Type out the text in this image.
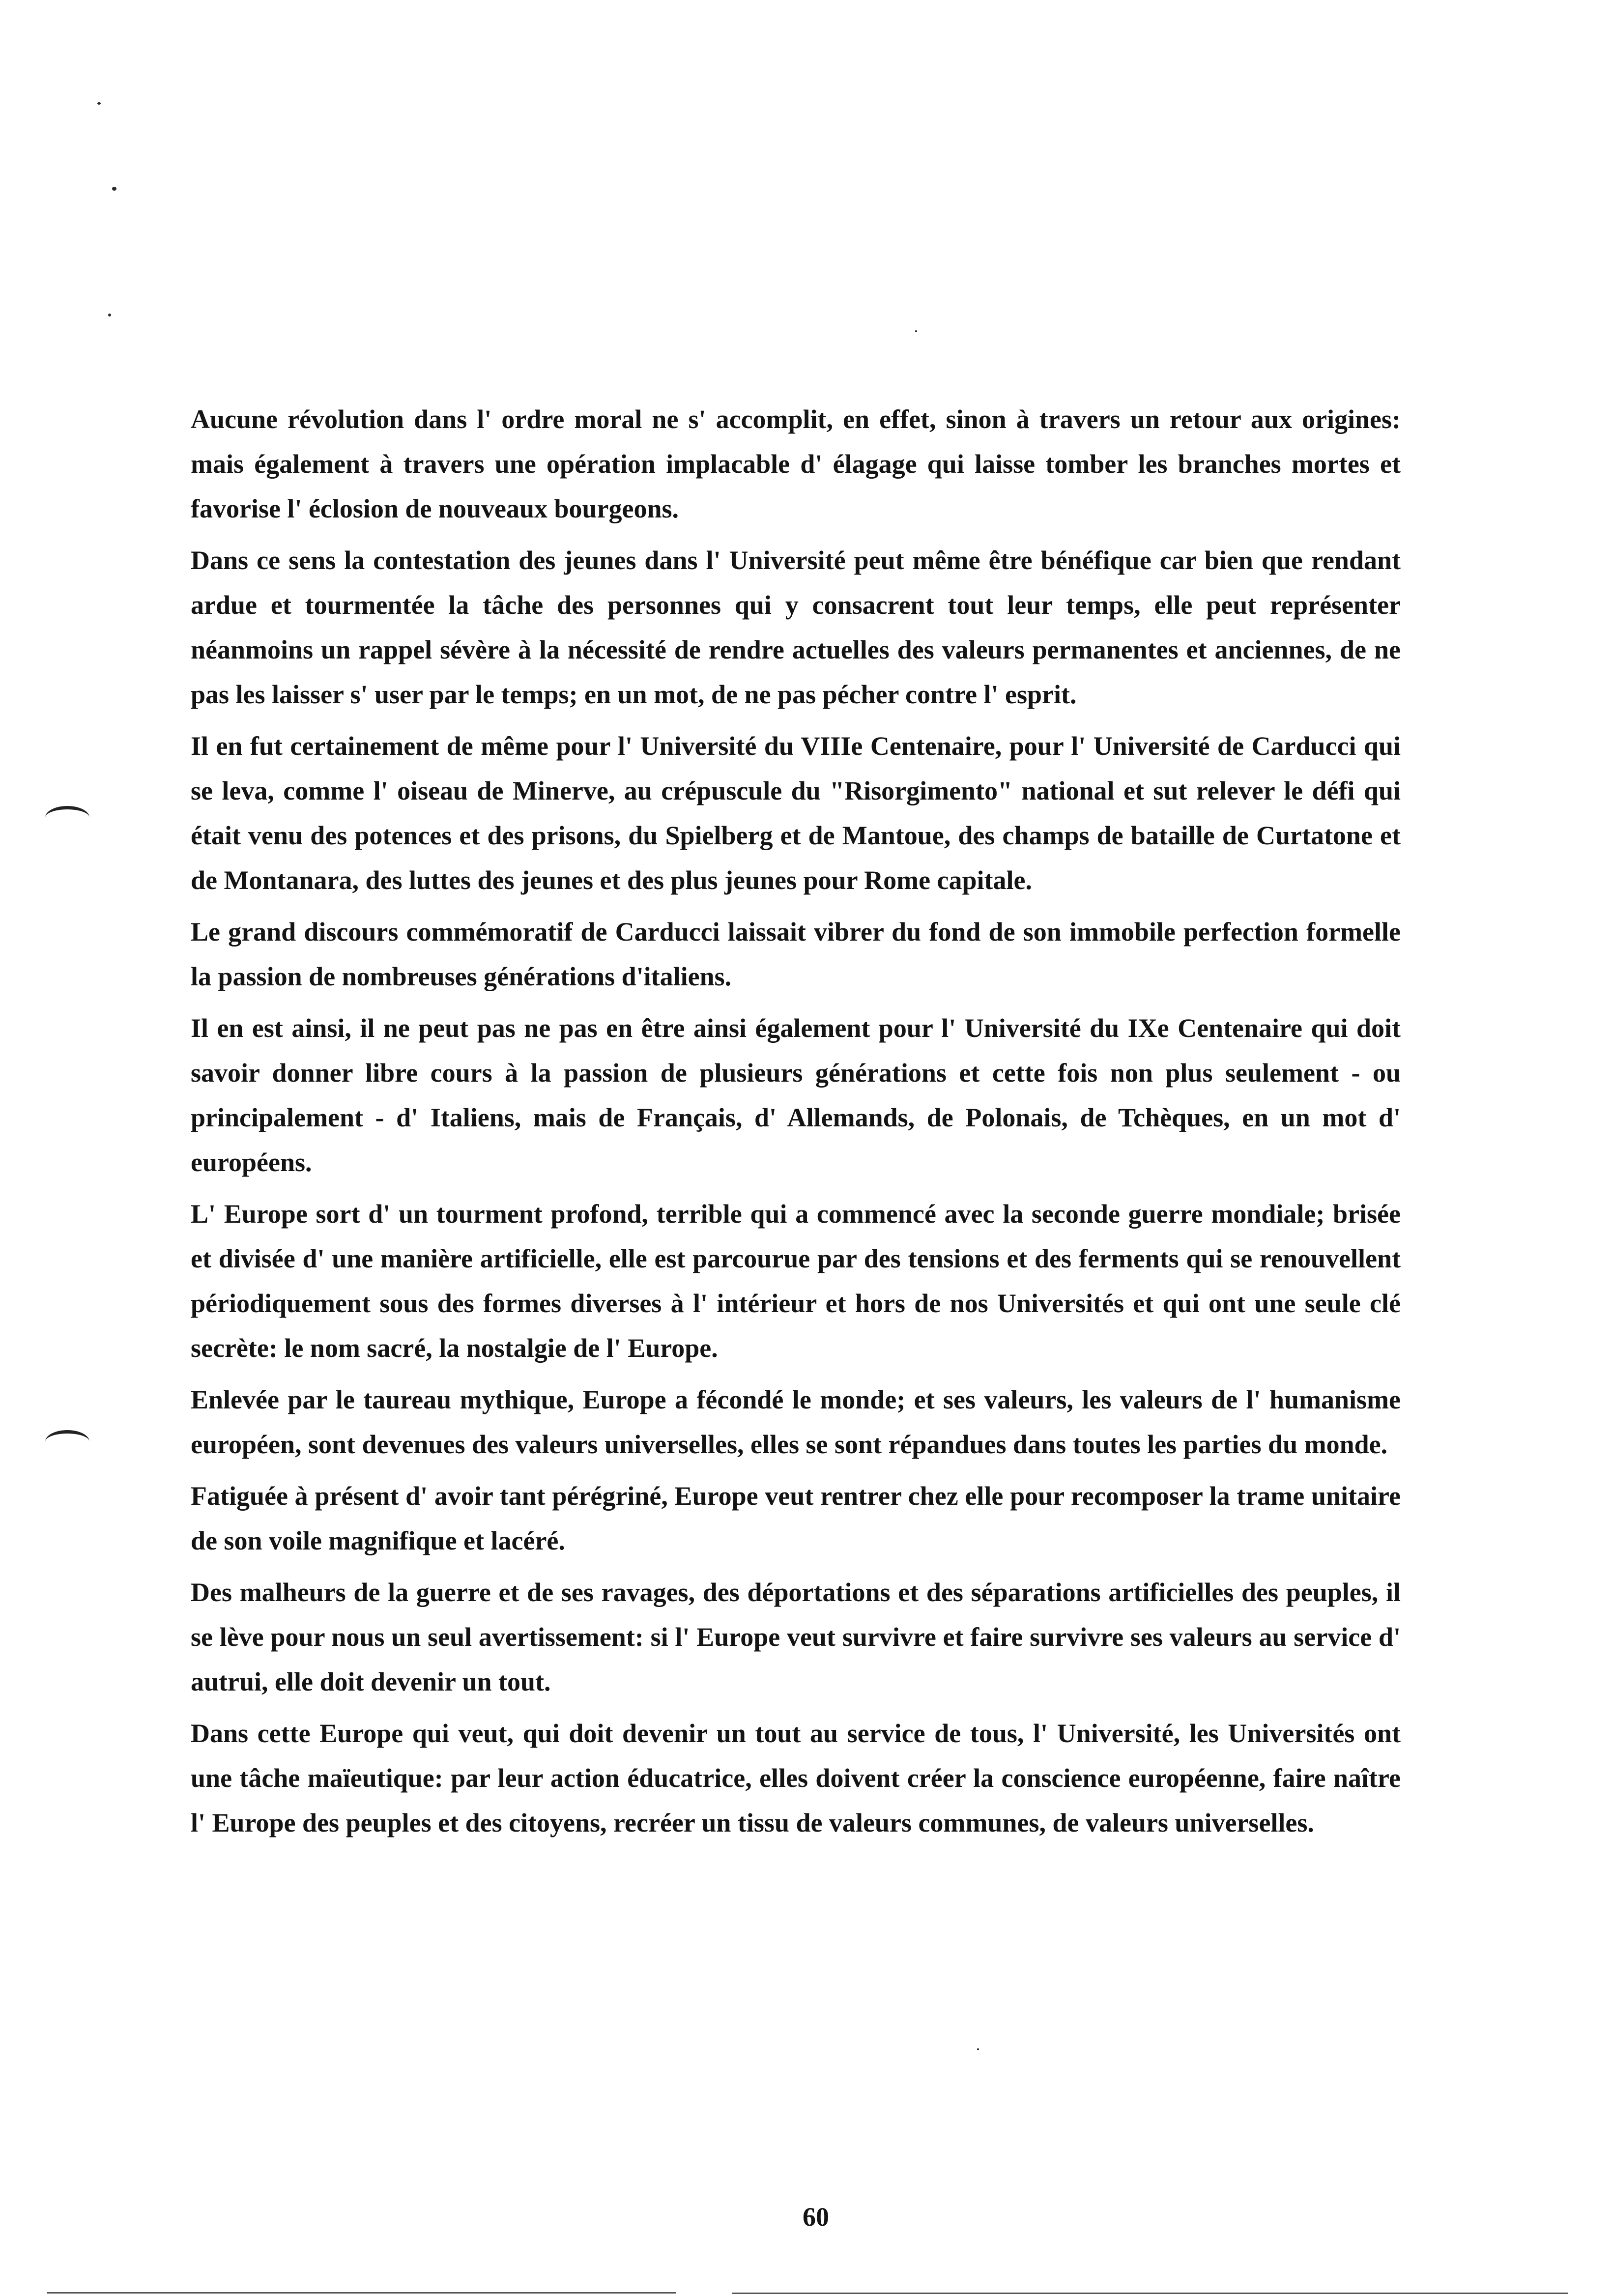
Aucune révolution dans l' ordre moral ne s' accomplit, en effet, sinon à travers un retour aux origines: mais également à travers une opération implacable d' élagage qui laisse tomber les branches mortes et favorise l' éclosion de nouveaux bourgeons.

Dans ce sens la contestation des jeunes dans l' Université peut même être bénéfique car bien que rendant ardue et tourmentée la tâche des personnes qui y consacrent tout leur temps, elle peut représenter néanmoins un rappel sévère à la nécessité de rendre actuelles des valeurs permanentes et anciennes, de ne pas les laisser s' user par le temps; en un mot, de ne pas pécher contre l' esprit.

Il en fut certainement de même pour l' Université du VIIIe Centenaire, pour l' Université de Carducci qui se leva, comme l' oiseau de Minerve, au crépuscule du "Risorgimento" national et sut relever le défi qui était venu des potences et des prisons, du Spielberg et de Mantoue, des champs de bataille de Curtatone et de Montanara, des luttes des jeunes et des plus jeunes pour Rome capitale.

Le grand discours commémoratif de Carducci laissait vibrer du fond de son immobile perfection formelle la passion de nombreuses générations d'italiens.

Il en est ainsi, il ne peut pas ne pas en être ainsi également pour l' Université du IXe Centenaire qui doit savoir donner libre cours à la passion de plusieurs générations et cette fois non plus seulement - ou principalement - d' Italiens, mais de Français, d' Allemands, de Polonais, de Tchèques, en un mot d' européens.

L' Europe sort d' un tourment profond, terrible qui a commencé avec la seconde guerre mondiale; brisée et divisée d' une manière artificielle, elle est parcourue par des tensions et des ferments qui se renouvellent périodiquement sous des formes diverses à l' intérieur et hors de nos Universités et qui ont une seule clé secrète: le nom sacré, la nostalgie de l' Europe.

Enlevée par le taureau mythique, Europe a fécondé le monde; et ses valeurs, les valeurs de l' humanisme européen, sont devenues des valeurs universelles, elles se sont répandues dans toutes les parties du monde.

Fatiguée à présent d' avoir tant pérégriné, Europe veut rentrer chez elle pour recomposer la trame unitaire de son voile magnifique et lacéré.

Des malheurs de la guerre et de ses ravages, des déportations et des séparations artificielles des peuples, il se lève pour nous un seul avertissement: si l' Europe veut survivre et faire survivre ses valeurs au service d' autrui, elle doit devenir un tout.

Dans cette Europe qui veut, qui doit devenir un tout au service de tous, l' Université, les Universités ont une tâche maïeutique: par leur action éducatrice, elles doivent créer la conscience européenne, faire naître l' Europe des peuples et des citoyens, recréer un tissu de valeurs communes, de valeurs universelles.

60
